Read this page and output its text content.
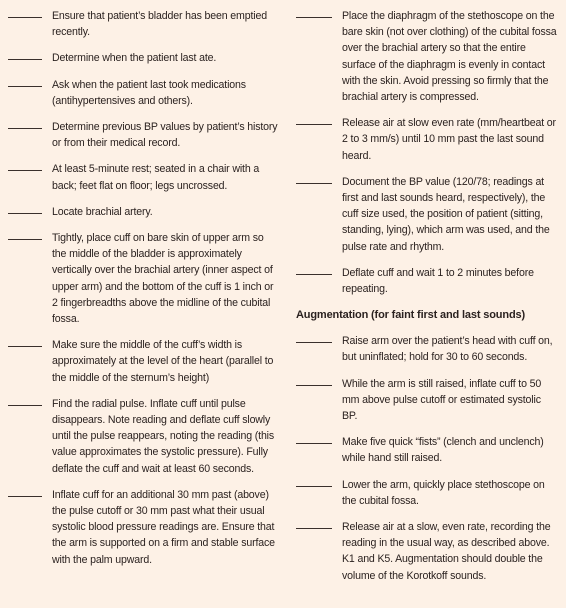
Ensure that patient’s bladder has been emptied recently.
Determine when the patient last ate.
Ask when the patient last took medications (antihypertensives and others).
Determine previous BP values by patient’s history or from their medical record.
At least 5-minute rest; seated in a chair with a back; feet flat on floor; legs uncrossed.
Locate brachial artery.
Tightly, place cuff on bare skin of upper arm so the middle of the bladder is approximately vertically over the brachial artery (inner aspect of upper arm) and the bottom of the cuff is 1 inch or 2 fingerbreadths above the midline of the cubital fossa.
Make sure the middle of the cuff’s width is approximately at the level of the heart (parallel to the middle of the sternum’s height)
Find the radial pulse. Inflate cuff until pulse disappears. Note reading and deflate cuff slowly until the pulse reappears, noting the reading (this value approximates the systolic pressure). Fully deflate the cuff and wait at least 60 seconds.
Inflate cuff for an additional 30 mm past (above) the pulse cutoff or 30 mm past what their usual systolic blood pressure readings are. Ensure that the arm is supported on a firm and stable surface with the palm upward.
Place the diaphragm of the stethoscope on the bare skin (not over clothing) of the cubital fossa over the brachial artery so that the entire surface of the diaphragm is evenly in contact with the skin. Avoid pressing so firmly that the brachial artery is compressed.
Release air at slow even rate (mm/heartbeat or 2 to 3 mm/s) until 10 mm past the last sound heard.
Document the BP value (120/78; readings at first and last sounds heard, respectively), the cuff size used, the position of patient (sitting, standing, lying), which arm was used, and the pulse rate and rhythm.
Deflate cuff and wait 1 to 2 minutes before repeating.
Augmentation (for faint first and last sounds)
Raise arm over the patient’s head with cuff on, but uninflated; hold for 30 to 60 seconds.
While the arm is still raised, inflate cuff to 50 mm above pulse cutoff or estimated systolic BP.
Make five quick “fists” (clench and unclench) while hand still raised.
Lower the arm, quickly place stethoscope on the cubital fossa.
Release air at a slow, even rate, recording the reading in the usual way, as described above. K1 and K5. Augmentation should double the volume of the Korotkoff sounds.
